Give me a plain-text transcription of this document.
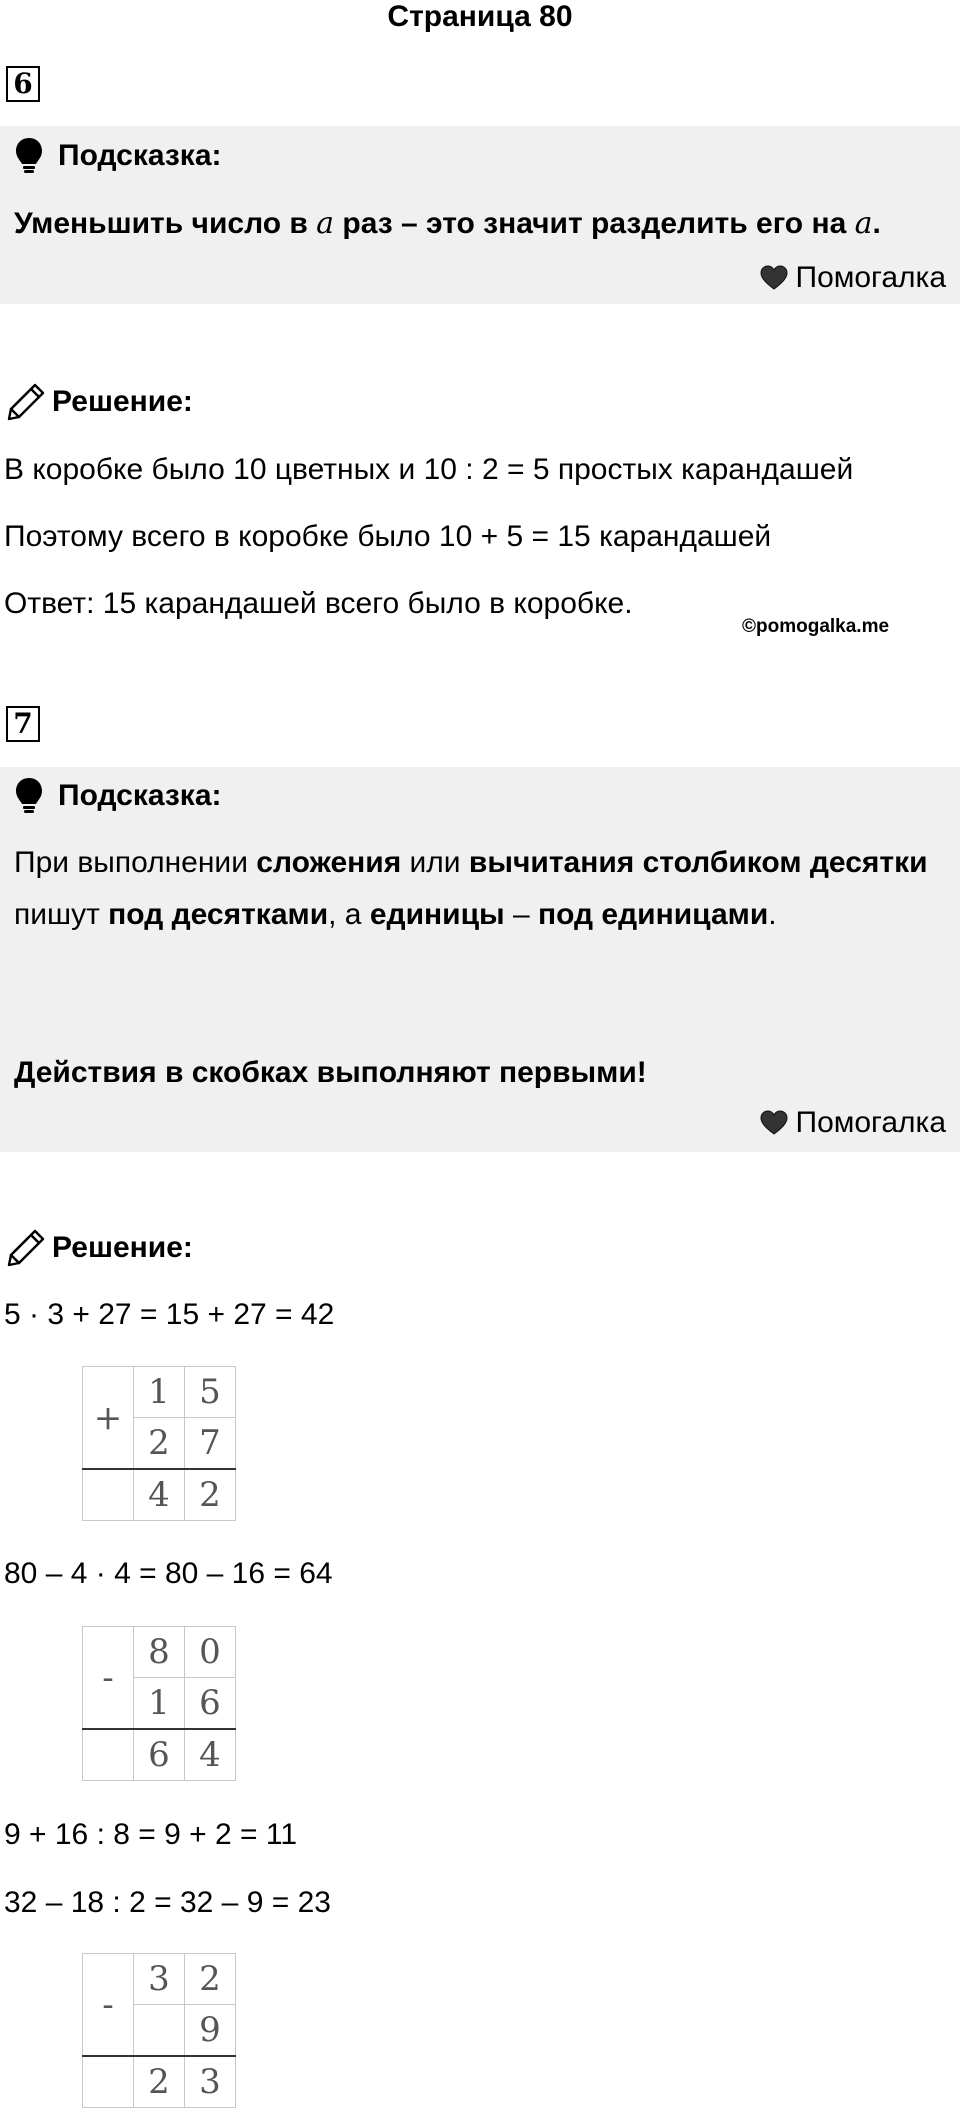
Страница 80
6
Подсказка:
Уменьшить число в a раз – это значит разделить его на a.
Помогалка
Решение:
В коробке было 10 цветных и 10 : 2 = 5 простых карандашей
Поэтому всего в коробке было 10 + 5 = 15 карандашей
Ответ: 15 карандашей всего было в коробке.
©pomogalka.me
7
Подсказка:
При выполнении сложения или вычитания столбиком десятки пишут под десятками, а единицы – под единицами.
Действия в скобках выполняют первыми!
Помогалка
Решение:
5 · 3 + 27 = 15 + 27 = 42
+	1	5
	2	7
	4	2
80 – 4 · 4 = 80 – 16 = 64
-	8	0
	1	6
	6	4
9 + 16 : 8 = 9 + 2 = 11
32 – 18 : 2 = 32 – 9 = 23
-	3	2
		9
	2	3
